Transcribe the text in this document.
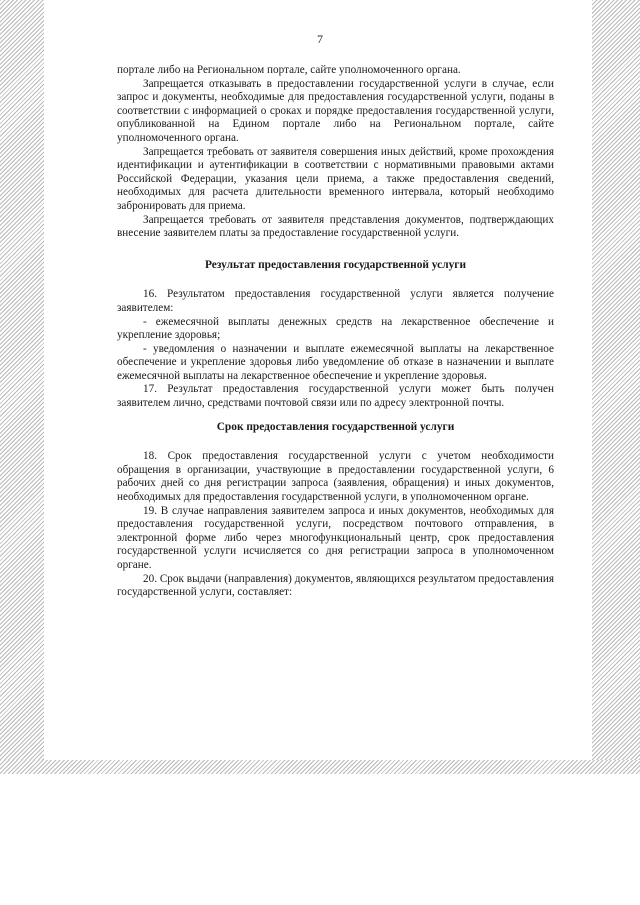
7

порталe либо на Региональном портале, сайте уполномоченного органа.

Запрещается отказывать в предоставлении государственной услуги в случае, если запрос и документы, необходимые для предоставления государственной услуги, поданы в соответствии с информацией о сроках и порядке предоставления государственной услуги, опубликованной на Едином портале либо на Региональном портале, сайте уполномоченного органа.

Запрещается требовать от заявителя совершения иных действий, кроме прохождения идентификации и аутентификации в соответствии с нормативными правовыми актами Российской Федерации, указания цели приема, а также предоставления сведений, необходимых для расчета длительности временного интервала, который необходимо забронировать для приема.

Запрещается требовать от заявителя представления документов, подтверждающих внесение заявителем платы за предоставление государственной услуги.

Результат предоставления государственной услуги

16. Результатом предоставления государственной услуги является получение заявителем:

- ежемесячной выплаты денежных средств на лекарственное обеспечение и укрепление здоровья;

- уведомления о назначении и выплате ежемесячной выплаты на лекарственное обеспечение и укрепление здоровья либо уведомление об отказе в назначении и выплате ежемесячной выплаты на лекарственное обеспечение и укрепление здоровья.

17. Результат предоставления государственной услуги может быть получен заявителем лично, средствами почтовой связи или по адресу электронной почты.

Срок предоставления государственной услуги

18. Срок предоставления государственной услуги с учетом необходимости обращения в организации, участвующие в предоставлении государственной услуги, 6 рабочих дней со дня регистрации запроса (заявления, обращения) и иных документов, необходимых для предоставления государственной услуги, в уполномоченном органе.

19. В случае направления заявителем запроса и иных документов, необходимых для предоставления государственной услуги, посредством почтового отправления, в электронной форме либо через многофункциональный центр, срок предоставления государственной услуги исчисляется со дня регистрации запроса в уполномоченном органе.

20. Срок выдачи (направления) документов, являющихся результатом предоставления государственной услуги, составляет:
